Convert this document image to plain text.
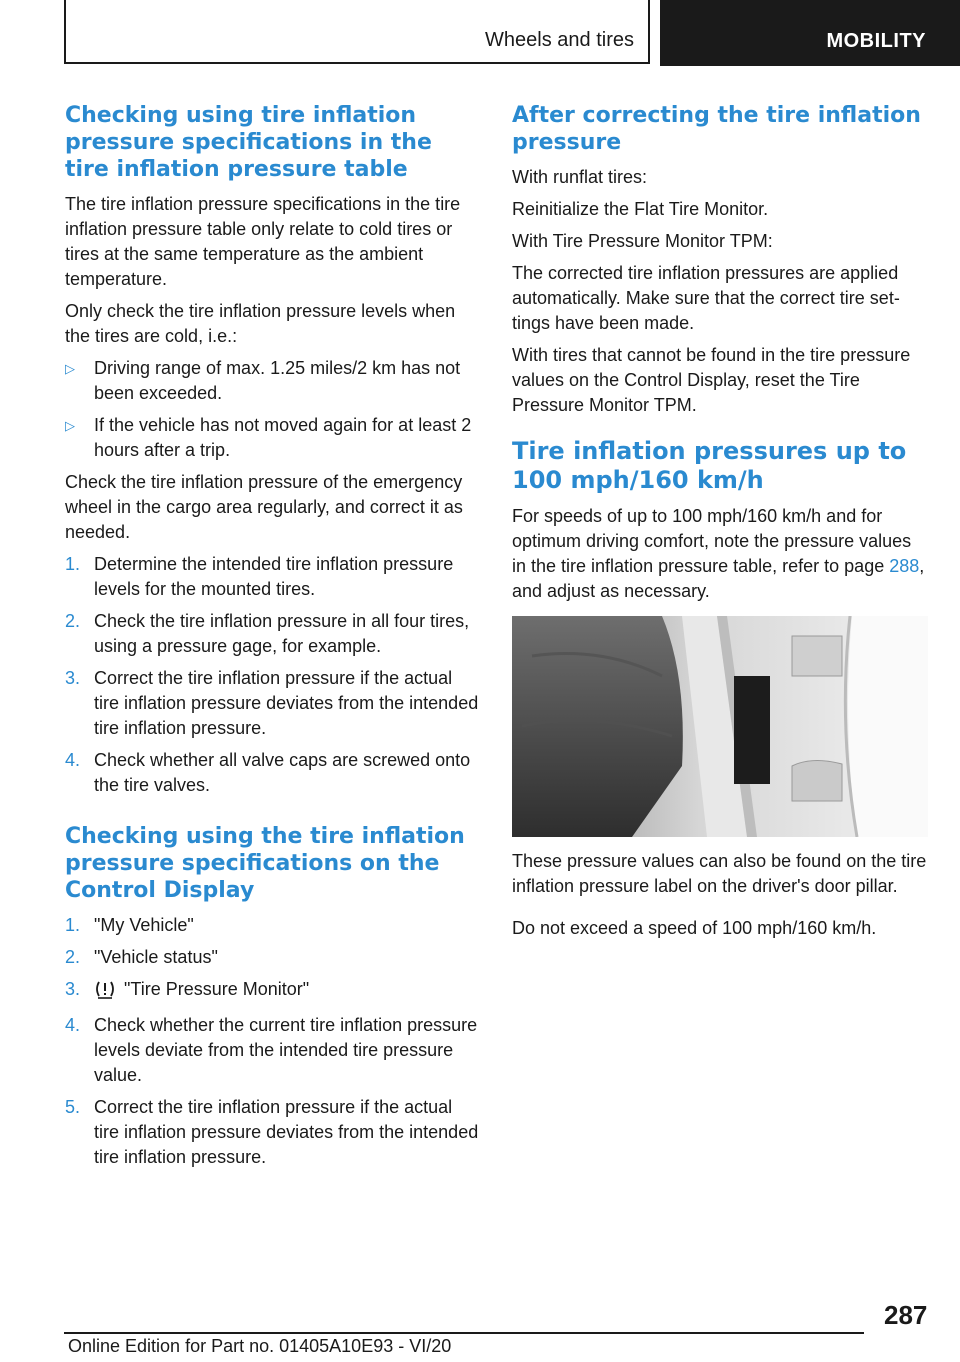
Wheels and tires	MOBILITY
Checking using tire inflation pressure specifications in the tire inflation pressure table

The tire inflation pressure specifications in the tire inflation pressure table only relate to cold tires or tires at the same temperature as the ambient temperature.

Only check the tire inflation pressure levels when the tires are cold, i.e.:

▷ Driving range of max. 1.25 miles/2 km has not been exceeded.
▷ If the vehicle has not moved again for at least 2 hours after a trip.

Check the tire inflation pressure of the emergency wheel in the cargo area regularly, and correct it as needed.

1. Determine the intended tire inflation pressure levels for the mounted tires.
2. Check the tire inflation pressure in all four tires, using a pressure gage, for example.
3. Correct the tire inflation pressure if the actual tire inflation pressure deviates from the intended tire inflation pressure.
4. Check whether all valve caps are screwed onto the tire valves.
Checking using the tire inflation pressure specifications on the Control Display
1. "My Vehicle"
2. "Vehicle status"
3. "Tire Pressure Monitor"
4. Check whether the current tire inflation pressure levels deviate from the intended tire pressure value.
5. Correct the tire inflation pressure if the actual tire inflation pressure deviates from the intended tire inflation pressure.
After correcting the tire inflation pressure

With runflat tires:

Reinitialize the Flat Tire Monitor.

With Tire Pressure Monitor TPM:

The corrected tire inflation pressures are applied automatically. Make sure that the correct tire settings have been made.

With tires that cannot be found in the tire pressure values on the Control Display, reset the Tire Pressure Monitor TPM.

Tire inflation pressures up to 100 mph/160 km/h

For speeds of up to 100 mph/160 km/h and for optimum driving comfort, note the pressure values in the tire inflation pressure table, refer to page 288, and adjust as necessary.

These pressure values can also be found on the tire inflation pressure label on the driver's door pillar.

Do not exceed a speed of 100 mph/160 km/h.

287
Online Edition for Part no. 01405A10E93 - VI/20
